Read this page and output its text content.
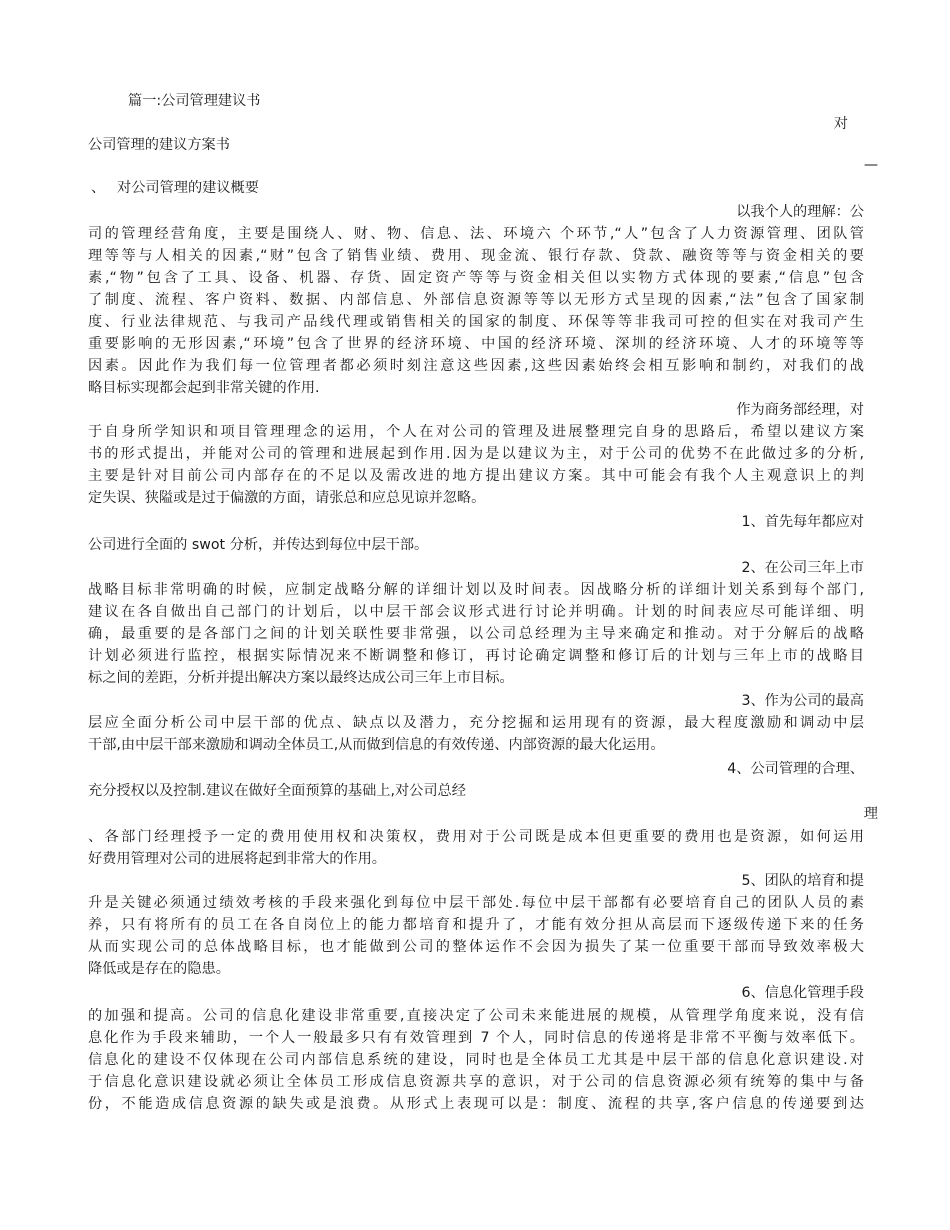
篇一:公司管理建议书
对
公司管理的建议方案书
—
、 对公司管理的建议概要
以我个人的理解：公
司的管理经营角度，主要是围绕人、财、物、信息、法、环境六 个环节,“人”包含了人力资源管理、团队管
理等等与人相关的因素,“财”包含了销售业绩、费用、现金流、银行存款、贷款、融资等等与资金相关的要
素,“物”包含了工具、设备、机器、存货、固定资产等等与资金相关但以实物方式体现的要素,“信息”包含
了制度、流程、客户资料、数据、内部信息、外部信息资源等等以无形方式呈现的因素,“法”包含了国家制
度、行业法律规范、与我司产品线代理或销售相关的国家的制度、环保等等非我司可控的但实在对我司产生
重要影响的无形因素,“环境”包含了世界的经济环境、中国的经济环境、深圳的经济环境、人才的环境等等
因素。因此作为我们每一位管理者都必须时刻注意这些因素,这些因素始终会相互影响和制约，对我们的战
略目标实现都会起到非常关键的作用.
作为商务部经理，对
于自身所学知识和项目管理理念的运用，个人在对公司的管理及进展整理完自身的思路后，希望以建议方案
书的形式提出，并能对公司的管理和进展起到作用.因为是以建议为主，对于公司的优势不在此做过多的分析,
主要是针对目前公司内部存在的不足以及需改进的地方提出建议方案。其中可能会有我个人主观意识上的判
定失误、狭隘或是过于偏激的方面，请张总和应总见谅并忽略。
1、首先每年都应对
公司进行全面的 swot 分析，并传达到每位中层干部。
2、在公司三年上市
战略目标非常明确的时候，应制定战略分解的详细计划以及时间表。因战略分析的详细计划关系到每个部门,
建议在各自做出自己部门的计划后，以中层干部会议形式进行讨论并明确。计划的时间表应尽可能详细、明
确，最重要的是各部门之间的计划关联性要非常强，以公司总经理为主导来确定和推动。对于分解后的战略
计划必须进行监控，根据实际情况来不断调整和修订，再讨论确定调整和修订后的计划与三年上市的战略目
标之间的差距，分析并提出解决方案以最终达成公司三年上市目标。
3、作为公司的最高
层应全面分析公司中层干部的优点、缺点以及潜力，充分挖掘和运用现有的资源，最大程度激励和调动中层
干部,由中层干部来激励和调动全体员工,从而做到信息的有效传递、内部资源的最大化运用。
4、公司管理的合理、
充分授权以及控制.建议在做好全面预算的基础上,对公司总经
理
、各部门经理授予一定的费用使用权和决策权，费用对于公司既是成本但更重要的费用也是资源，如何运用
好费用管理对公司的进展将起到非常大的作用。
5、团队的培育和提
升是关键必须通过绩效考核的手段来强化到每位中层干部处.每位中层干部都有必要培育自己的团队人员的素
养，只有将所有的员工在各自岗位上的能力都培育和提升了，才能有效分担从高层而下逐级传递下来的任务
从而实现公司的总体战略目标，也才能做到公司的整体运作不会因为损失了某一位重要干部而导致效率极大
降低或是存在的隐患。
6、信息化管理手段
的加强和提高。公司的信息化建设非常重要,直接决定了公司未来能进展的规模，从管理学角度来说，没有信
息化作为手段来辅助，一个人一般最多只有有效管理到 7 个人，同时信息的传递将是非常不平衡与效率低下。
信息化的建设不仅体现在公司内部信息系统的建设，同时也是全体员工尤其是中层干部的信息化意识建设.对
于信息化意识建设就必须让全体员工形成信息资源共享的意识，对于公司的信息资源必须有统筹的集中与备
份，不能造成信息资源的缺失或是浪费。从形式上表现可以是：制度、流程的共享,客户信息的传递要到达
